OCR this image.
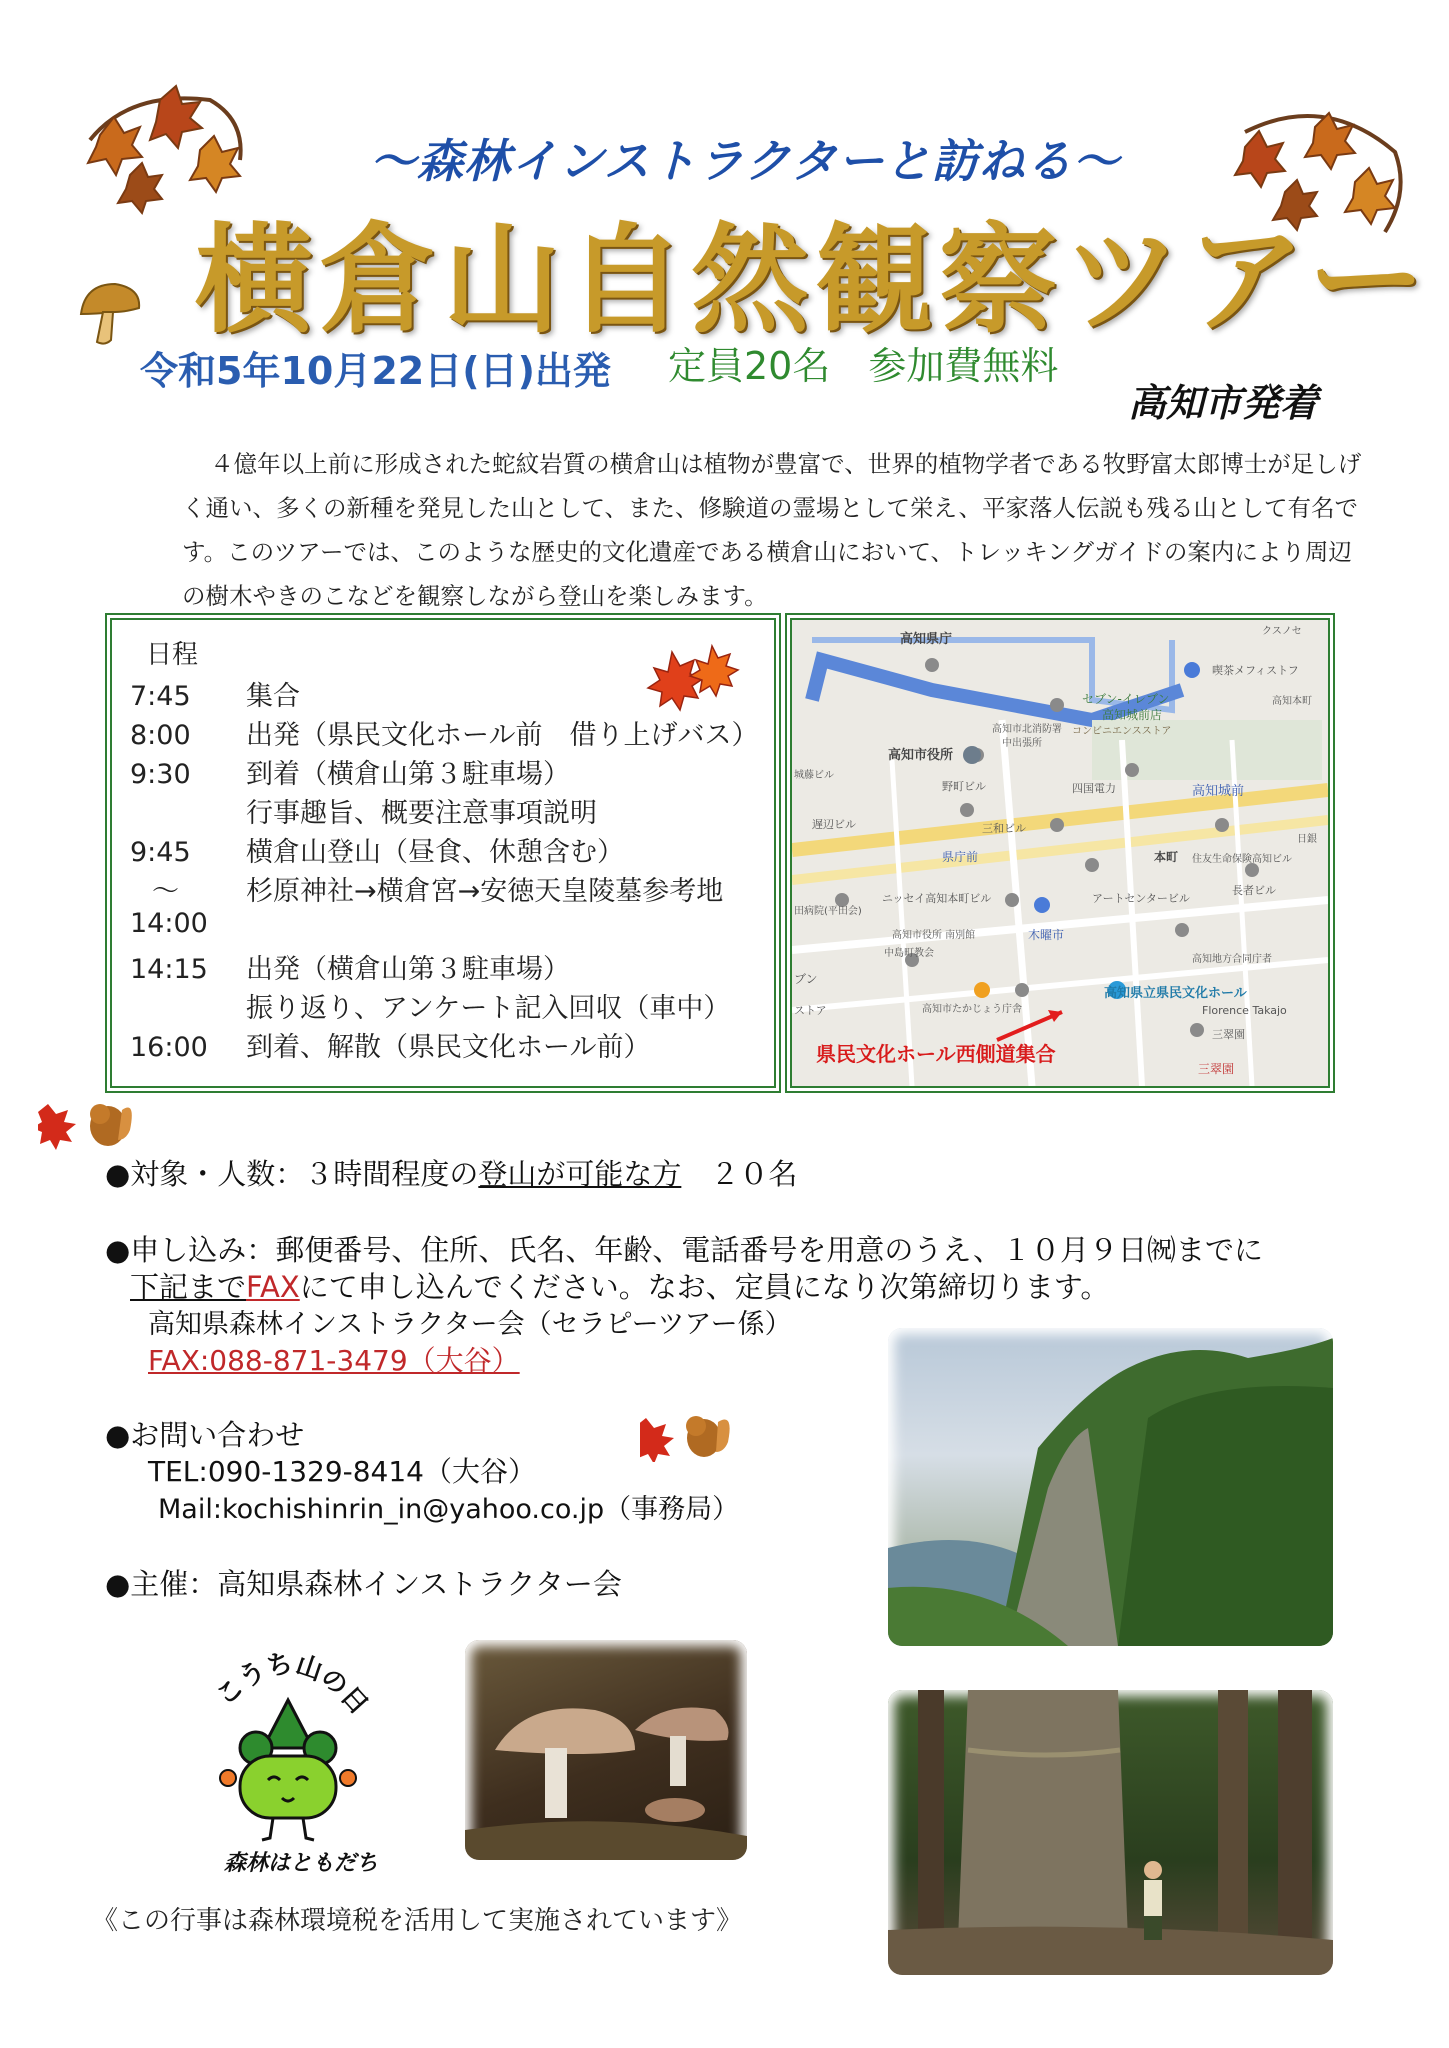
～森林インストラクターと訪ねる～
横倉山自然観察ツアー
令和5年10月22日(日)出発 定員20名　参加費無料
高知市発着

４億年以上前に形成された蛇紋岩質の横倉山は植物が豊富で、世界的植物学者である牧野富太郎博士が足しげく通い、多くの新種を発見した山として、また、修験道の霊場として栄え、平家落人伝説も残る山として有名です。このツアーでは、このような歴史的文化遺産である横倉山において、トレッキングガイドの案内により周辺の樹木やきのこなどを観察しながら登山を楽しみます。

日程
7:45 集合
8:00 出発（県民文化ホール前　借り上げバス）
9:30 到着（横倉山第３駐車場）
行事趣旨、概要注意事項説明
9:45 横倉山登山（昼食、休憩含む）
～ 杉原神社→横倉宮→安徳天皇陵墓参考地
14:00
14:15 出発（横倉山第３駐車場）
振り返り、アンケート記入回収（車中）
16:00 到着、解散（県民文化ホール前）
高知県庁
高知市役所
セブン-イレブン
高知城前店
コンビニエンスストア
高知市北消防署
中出張所
喫茶メフィストフ
高知本町
城藤ビル
クスノセ
遅辺ビル
野町ビル
三和ビル
四国電力	高知城前
県庁前	本町 住友生命保険高知ビル
日銀
ニッセイ高知本町ビル	アートセンタービル
長者ビル
田病院(平田会)
高知市役所 南別館	木曜市
中島町教会
高知地方合同庁者
ブン
ストア
高知県立県民文化ホール
Florence Takajo
高知市たかじょう庁舎
三翠園
三翠園
県民文化ホール西側道集合
●対象・人数：３時間程度の登山が可能な方　２０名
●申し込み：郵便番号、住所、氏名、年齢、電話番号を用意のうえ、１０月９日㈷までに
下記までFAXにて申し込んでください。なお、定員になり次第締切ります。
高知県森林インストラクター会（セラピーツアー係）
FAX:088-871-3479（大谷）
●お問い合わせ
TEL:090-1329-8414（大谷）
Mail:kochishinrin_in@yahoo.co.jp（事務局）
●主催：高知県森林インストラクター会
こうち山の日
森林はともだち
《この行事は森林環境税を活用して実施されています》
